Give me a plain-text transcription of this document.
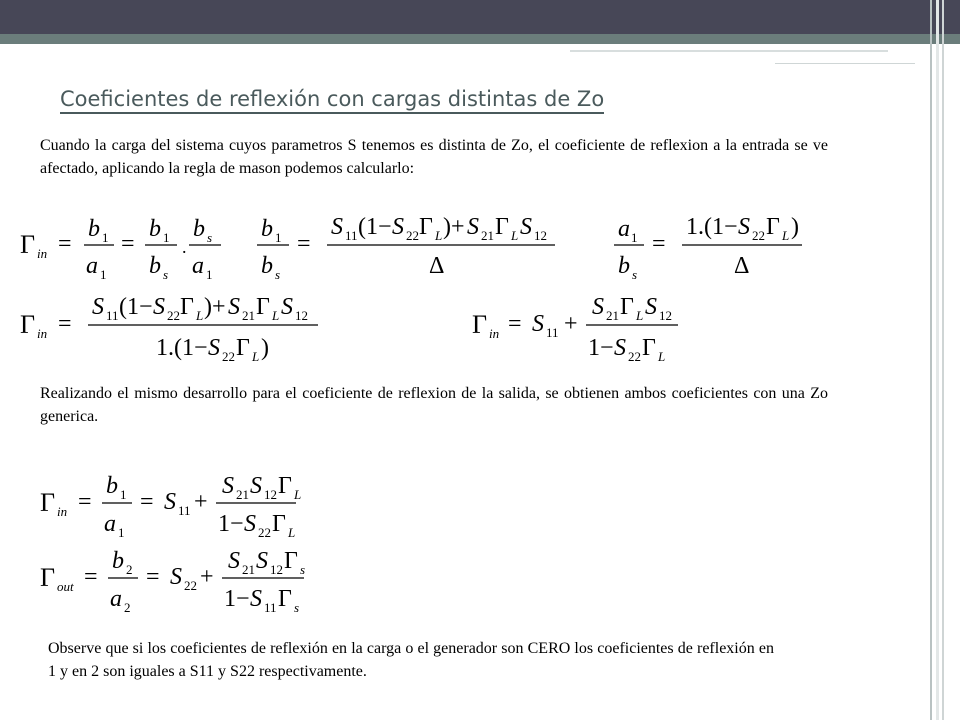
Coeficientes de reflexión con cargas distintas de Zo
Cuando la carga del sistema cuyos parametros S tenemos es distinta de Zo, el coeficiente de reflexion a la entrada se ve afectado, aplicando la regla de mason podemos calcularlo:
Γ in =
b 1
a 1
=
b 1
b s
.
b s
a 1
b 1
b s
=
S 11 (1− S 22 Γ L )+ S 21 Γ L S 12
Δ
a 1
b s
=
1.(1− S 22 Γ L )
Δ
Γ in =
S 11 (1− S 22 Γ L )+ S 21 Γ L S 12
1.(1− S 22 Γ L )
Γ in = S 11 +
S 21 Γ L S 12
1− S 22 Γ L
Realizando el mismo desarrollo para el coeficiente de reflexion de la salida, se obtienen ambos coeficientes con una Zo generica.
Γ in =
b 1
a 1
= S 11 +
S 21 S 12 Γ L
1− S 22 Γ L
Γ out =
b 2
a 2
= S 22 +
S 21 S 12 Γ s
1− S 11 Γ s
Observe que si los coeficientes de reflexión en la carga o el generador son CERO los coeficientes de reflexión en 1 y en 2 son iguales a S11 y S22 respectivamente.
